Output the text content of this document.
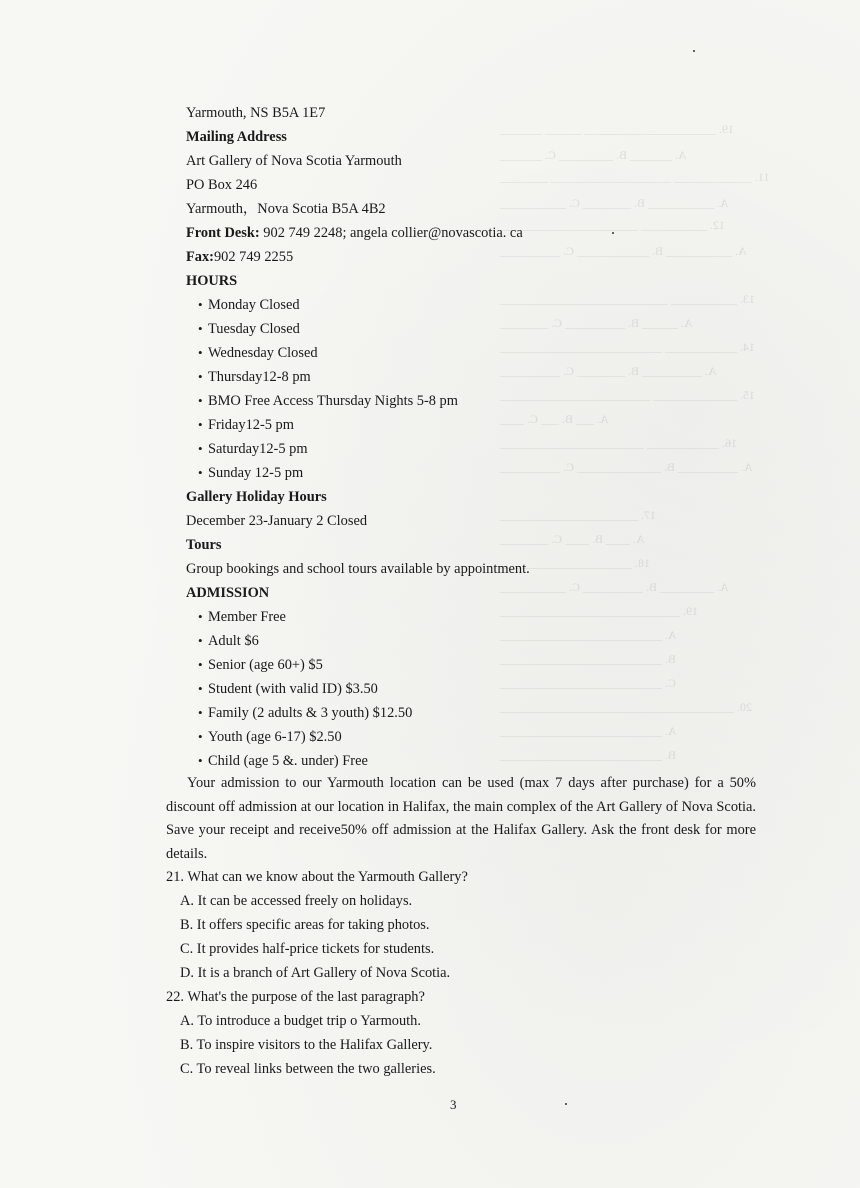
19. ______________________ ______ _______
A. _______ B. _________ C. _______
11. _____________ ____________________ ________
A. ___________ B. ________ C. ___________
12. ___________ _______________________
A. ___________ B. ____________ C. __________
13. ___________ ____________________________
A. ______ B. __________ C. ________
14. ____________ ___________________________
A. __________ B. ________ C. __________
15. ______________ _________________________
A. ___ B. ___ C. ____
16. ____________ ________________________
A. __________ B. ______________ C. __________
17. _______________________
A. ____ B. ____ C. ________
18. ______________________
A. _________ B. __________ C. ___________
19. ______________________________
A. ___________________________
B. ___________________________
C. ___________________________
20. _______________________________________
A. ___________________________
B. ___________________________
Yarmouth, NS B5A 1E7
Mailing Address
Art Gallery of Nova Scotia Yarmouth
PO Box 246
Yarmouth，Nova Scotia B5A 4B2
Front Desk: 902 749 2248; angela collier@novascotia. ca
Fax:902 749 2255
HOURS
• Monday Closed
• Tuesday Closed
• Wednesday Closed
• Thursday12-8 pm
• BMO Free Access Thursday Nights 5-8 pm
• Friday12-5 pm
• Saturday12-5 pm
• Sunday 12-5 pm
Gallery Holiday Hours
December 23-January 2 Closed
Tours
Group bookings and school tours available by appointment.
ADMISSION
• Member Free
• Adult $6
• Senior (age 60+) $5
• Student (with valid ID) $3.50
• Family (2 adults & 3 youth) $12.50
• Youth (age 6-17) $2.50
• Child (age 5 &. under) Free
Your admission to our Yarmouth location can be used (max 7 days after purchase) for a 50% discount off admission at our location in Halifax, the main complex of the Art Gallery of Nova Scotia. Save your receipt and receive50% off admission at the Halifax Gallery. Ask the front desk for more details.
21. What can we know about the Yarmouth Gallery?
A. It can be accessed freely on holidays.
B. It offers specific areas for taking photos.
C. It provides half-price tickets for students.
D. It is a branch of Art Gallery of Nova Scotia.
22. What's the purpose of the last paragraph?
A. To introduce a budget trip o Yarmouth.
B. To inspire visitors to the Halifax Gallery.
C. To reveal links between the two galleries.
3
